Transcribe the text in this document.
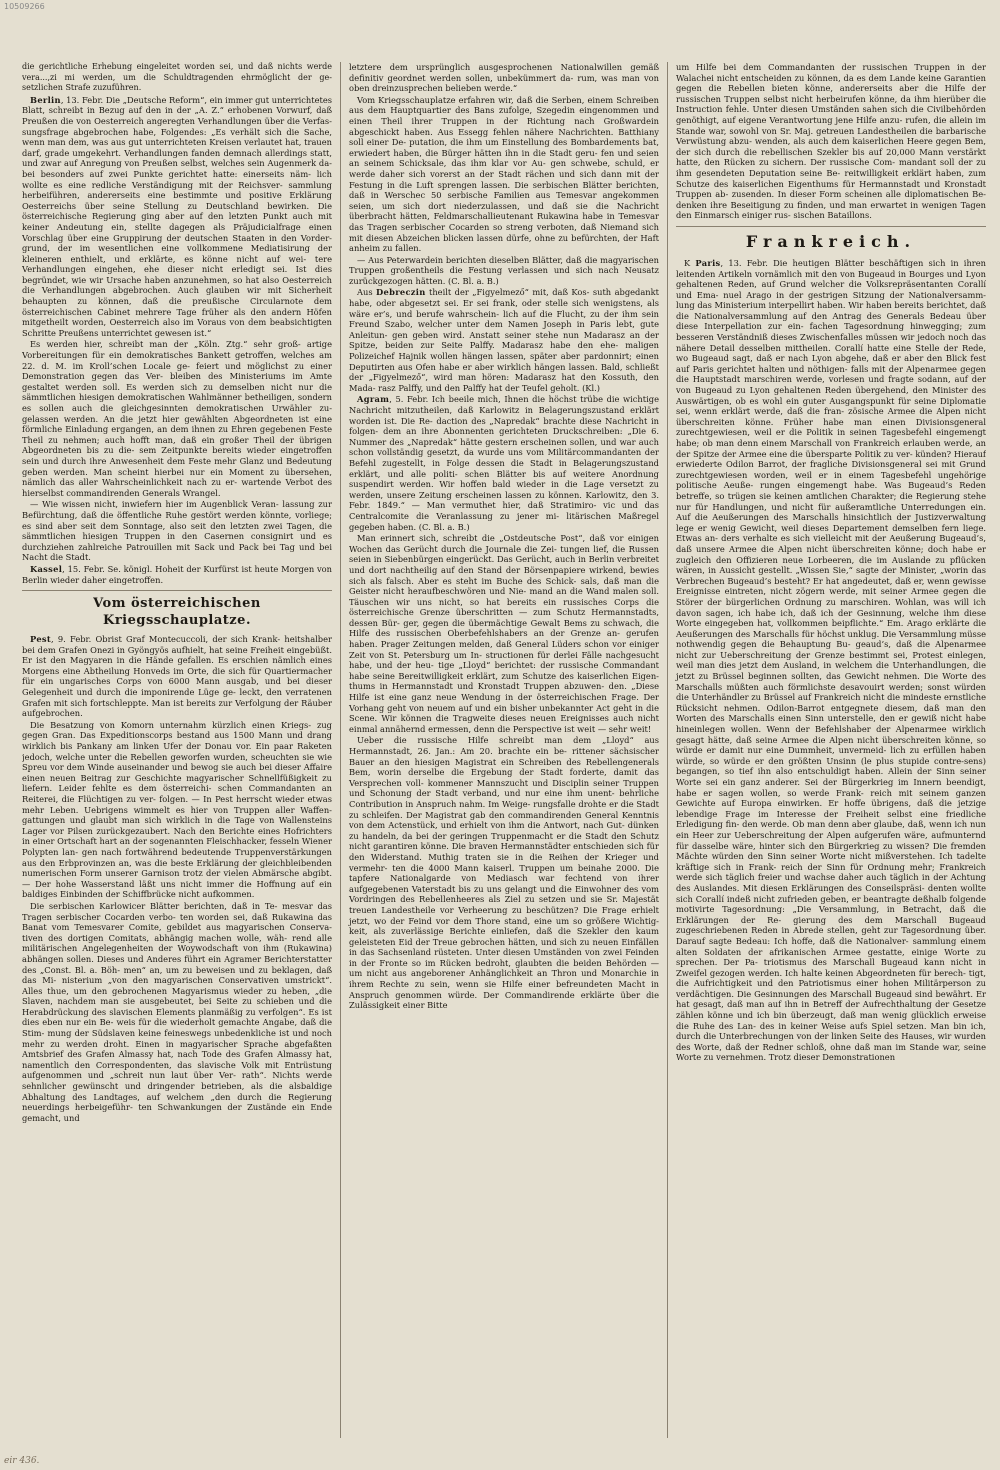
10509266

die gerichtliche Erhebung eingeleitet worden sei, und daß nichts werde vera...,zi mi werden, um die Schuldtragenden ehrmöglicht der ge- setzlichen Strafe zuzuführen.

Berlin, 13. Febr. Die „Deutsche Reform“, ein immer gut unterrichtetes Blatt, schreibt in Bezug auf den in der „A. Z.“ erhobenen Vorwurf, daß Preußen die von Oesterreich angeregten Verhandlungen über die Verfas- sungsfrage abgebrochen habe, Folgendes: „Es verhält sich die Sache, wenn man dem, was aus gut unterrichteten Kreisen verlautet hat, trauen darf, grade umgekehrt. Verhandlungen fanden demnach allerdings statt, und zwar auf Anregung von Preußen selbst, welches sein Augenmerk da- bei besonders auf zwei Punkte gerichtet hatte: einerseits näm- lich wollte es eine redliche Verständigung mit der Reichsver- sammlung herbeiführen, andererseits eine bestimmte und positive Erklärung Oesterreichs über seine Stellung zu Deutschland bewirken. Die österreichische Regierung ging aber auf den letzten Punkt auch mit keiner Andeutung ein, stellte dagegen als Präjudicialfrage einen Vorschlag über eine Gruppirung der deutschen Staaten in den Vorder- grund, der im wesentlichen eine vollkommene Mediatisirung der kleineren enthielt, und erklärte, es könne nicht auf wei- tere Verhandlungen eingehen, ehe dieser nicht erledigt sei. Ist dies begründet, wie wir Ursache haben anzunehmen, so hat also Oesterreich die Verhandlungen abgebrochen. Auch glauben wir mit Sicherheit behaupten zu können, daß die preußische Circularnote dem österreichischen Cabinet mehrere Tage früher als den andern Höfen mitgetheilt worden, Oesterreich also im Voraus von dem beabsichtigten Schritte Preußens unterrichtet gewesen ist.“

Es werden hier, schreibt man der „Köln. Ztg.“ sehr groß- artige Vorbereitungen für ein demokratisches Bankett getroffen, welches am 22. d. M. im Kroll’schen Locale ge- feiert und möglichst zu einer Demonstration gegen das Ver- bleiben des Ministeriums im Amte gestaltet werden soll. Es werden sich zu demselben nicht nur die sämmtlichen hiesigen demokratischen Wahlmänner betheiligen, sondern es sollen auch die gleichgesinnten demokratischen Urwähler zu- gelassen werden. An die jetzt hier gewählten Abgeordneten ist eine förmliche Einladung ergangen, an dem ihnen zu Ehren gegebenen Feste Theil zu nehmen; auch hofft man, daß ein großer Theil der übrigen Abgeordneten bis zu die- sem Zeitpunkte bereits wieder eingetroffen sein und durch ihre Anwesenheit dem Feste mehr Glanz und Bedeutung geben werden. Man scheint hierbei nur ein Moment zu übersehen, nämlich das aller Wahrscheinlichkeit nach zu er- wartende Verbot des hierselbst commandirenden Generals Wrangel.

— Wie wissen nicht, inwiefern hier im Augenblick Veran- lassung zur Befürchtung, daß die öffentliche Ruhe gestört werden könnte, vorliege; es sind aber seit dem Sonntage, also seit den letzten zwei Tagen, die sämmtlichen hiesigen Truppen in den Casernen consignirt und es durchziehen zahlreiche Patrouillen mit Sack und Pack bei Tag und bei Nacht die Stadt.

Kassel, 15. Febr. Se. königl. Hoheit der Kurfürst ist heute Morgen von Berlin wieder daher eingetroffen.

Vom österreichischen Kriegsschauplatze.

Pest, 9. Febr. Obrist Graf Montecuccoli, der sich Krank- heitshalber bei dem Grafen Onezi in Gyöngyös aufhielt, hat seine Freiheit eingebüßt. Er ist den Magyaren in die Hände gefallen. Es erschien nämlich eines Morgens eine Abtheilung Honveds im Orte, die sich für Quartiermacher für ein ungarisches Corps von 6000 Mann ausgab, und bei dieser Gelegenheit und durch die imponirende Lüge ge- leckt, den verratenen Grafen mit sich fortschleppte. Man ist bereits zur Verfolgung der Räuber aufgebrochen.

Die Besatzung von Komorn unternahm kürzlich einen Kriegs- zug gegen Gran. Das Expeditionscorps bestand aus 1500 Mann und drang wirklich bis Pankany am linken Ufer der Donau vor. Ein paar Raketen jedoch, welche unter die Rebellen geworfen wurden, scheuchten sie wie Spreu vor dem Winde auseinander und bewog sie auch bei dieser Affaire einen neuen Beitrag zur Geschichte magyarischer Schnellfüßigkeit zu liefern. Leider fehlte es dem österreichi- schen Commandanten an Reiterei, die Flüchtigen zu ver- folgen. — In Pest herrscht wieder etwas mehr Leben. Uebrigens wimmelt es hier von Truppen aller Waffen- gattungen und glaubt man sich wirklich in die Tage von Wallensteins Lager vor Pilsen zurückgezaubert. Nach den Berichte eines Hofrichters in einer Ortschaft hart an der sogenannten Fleischhacker, fesseln Wiener Polypten lan- gen nach fortwährend bedeutende Truppenverstärkungen aus den Erbprovinzen an, was die beste Erklärung der gleichbleibenden numerischen Form unserer Garnison trotz der vielen Abmärsche abgibt. — Der hohe Wasserstand läßt uns nicht immer die Hoffnung auf ein baldiges Einbinden der Schiffbrücke nicht aufkommen.

Die serbischen Karlowicer Blätter berichten, daß in Te- mesvar das Tragen serbischer Cocarden verbo- ten worden sei, daß Rukawina das Banat vom Temesvarer Comite, gebildet aus magyarischen Conserva- tiven des dortigen Comitats, abhängig machen wolle, wäh- rend alle militärischen Angelegenheiten der Woywodschaft von ihm (Rukawina) abhängen sollen. Dieses und Anderes führt ein Agramer Berichterstatter des „Const. Bl. a. Böh- men“ an, um zu beweisen und zu beklagen, daß das Mi- nisterium „von den magyarischen Conservativen umstrickt“. Alles thue, um den gebrochenen Magyarismus wieder zu heben, „die Slaven, nachdem man sie ausgebeutet, bei Seite zu schieben und die Herabdrückung des slavischen Elements planmäßig zu verfolgen“. Es ist dies eben nur ein Be- weis für die wiederholt gemachte Angabe, daß die Stim- mung der Südslaven keine feineswegs unbedenkliche ist und noch mehr zu werden droht. Einen in magyarischer Sprache abgefaßten Amtsbrief des Grafen Almassy hat, nach Tode des Grafen Almassy hat, namentlich den Correspondenten, das slavische Volk mit Entrüstung aufgenommen und „schreit nun laut über Ver- rath“. Nichts werde sehnlicher gewünscht und dringender betrieben, als die alsbaldige Abhaltung des Landtages, auf welchem „den durch die Regierung neuerdings herbeigeführ- ten Schwankungen der Zustände ein Ende gemacht, und

letztere dem ursprünglich ausgesprochenen Nationalwillen gemäß definitiv geordnet werden sollen, unbekümmert da- rum, was man von oben dreinzusprechen belieben werde.“

Vom Kriegsschauplatze erfahren wir, daß die Serben, einem Schreiben aus dem Hauptquartier des Bans zufolge, Szegedin eingenommen und einen Theil ihrer Truppen in der Richtung nach Großwardein abgeschickt haben. Aus Essegg fehlen nähere Nachrichten. Batthiany soll einer De- putation, die ihm um Einstellung des Bombardements bat, erwiedert haben, die Bürger hätten ihn in die Stadt geru- fen und seien an seinem Schicksale, das ihm klar vor Au- gen schwebe, schuld, er werde daher sich vorerst an der Stadt rächen und sich dann mit der Festung in die Luft sprengen lassen. Die serbischen Blätter berichten, daß in Werschec 50 serbische Familien aus Temesvar angekommen seien, um sich dort niederzulassen, und daß sie die Nachricht überbracht hätten, Feldmarschallieutenant Rukawina habe in Temesvar das Tragen serbischer Cocarden so streng verboten, daß Niemand sich mit diesen Abzeichen blicken lassen dürfe, ohne zu befürchten, der Haft anheim zu fallen.

— Aus Peterwardein berichten dieselben Blätter, daß die magyarischen Truppen großentheils die Festung verlassen und sich nach Neusatz zurückgezogen hätten. (C. Bl. a. B.)

Aus Debreczin theilt der „Figyelmező“ mit, daß Kos- suth abgedankt habe, oder abgesetzt sei. Er sei frank, oder stelle sich wenigstens, als wäre er’s, und berufe wahrschein- lich auf die Flucht, zu der ihm sein Freund Szabo, welcher unter dem Namen Joseph in Paris lebt, gute Anleitun- gen geben wird. Anstatt seiner stehe nun Madarasz an der Spitze, beiden zur Seite Palffy. Madarasz habe den ehe- maligen Polizeichef Hajnik wollen hängen lassen, später aber pardonnirt; einen Deputirten aus Ofen habe er aber wirklich hängen lassen. Bald, schließt der „Figyelmező“, wird man hören: Madarasz hat den Kossuth, den Mada- rasz Palffy, und den Palffy hat der Teufel geholt. (Kl.)

Agram, 5. Febr. Ich beeile mich, Ihnen die höchst trübe die wichtige Nachricht mitzutheilen, daß Karlowitz in Belagerungszustand erklärt worden ist. Die Re- daction des „Napredak“ brachte diese Nachricht in folgen- dem an ihre Abonnenten gerichteten Druckschreiben: „Die 6. Nummer des „Napredak“ hätte gestern erscheinen sollen, und war auch schon vollständig gesetzt, da wurde uns vom Militärcommandanten der Befehl zugestellt, in Folge dessen die Stadt in Belagerungszustand erklärt, und alle politi- schen Blätter bis auf weitere Anordnung suspendirt werden. Wir hoffen bald wieder in die Lage versetzt zu werden, unsere Zeitung erscheinen lassen zu können. Karlowitz, den 3. Febr. 1849.“ — Man vermuthet hier, daß Stratimiro- vic und das Centralcomite die Veranlassung zu jener mi- litärischen Maßregel gegeben haben. (C. Bl. a. B.)

Man erinnert sich, schreibt die „Ostdeutsche Post“, daß vor einigen Wochen das Gerücht durch die Journale die Zei- tungen lief, die Russen seien in Siebenbürgen eingerückt. Das Gerücht, auch in Berlin verbreitet und dort nachtheilig auf den Stand der Börsenpapiere wirkend, bewies sich als falsch. Aber es steht im Buche des Schick- sals, daß man die Geister nicht heraufbeschwören und Nie- mand an die Wand malen soll. Täuschen wir uns nicht, so hat bereits ein russisches Corps die österreichische Grenze überschritten — zum Schutz Hermannstadts, dessen Bür- ger, gegen die übermächtige Gewalt Bems zu schwach, die Hilfe des russischen Oberbefehlshabers an der Grenze an- gerufen haben. Prager Zeitungen melden, daß General Lüders schon vor einiger Zeit von St. Petersburg um In- structionen für derlei Fälle nachgesucht habe, und der heu- tige „Lloyd“ berichtet: der russische Commandant habe seine Bereitwilligkeit erklärt, zum Schutze des kaiserlichen Eigen- thums in Hermannstadt und Kronstadt Truppen abzuwen- den. „Diese Hilfe ist eine ganz neue Wendung in der österreichischen Frage. Der Vorhang geht von neuem auf und ein bisher unbekannter Act geht in die Scene. Wir können die Tragweite dieses neuen Ereignisses auch nicht einmal annähernd ermessen, denn die Perspective ist weit — sehr weit!

Ueber die russische Hilfe schreibt man dem „Lloyd“ aus Hermannstadt, 26. Jan.: Am 20. brachte ein be- rittener sächsischer Bauer an den hiesigen Magistrat ein Schreiben des Rebellengenerals Bem, worin derselbe die Ergebung der Stadt forderte, damit das Versprechen voll- kommener Mannszucht und Disciplin seiner Truppen und Schonung der Stadt verband, und nur eine ihm unent- behrliche Contribution in Anspruch nahm. Im Weige- rungsfalle drohte er die Stadt zu schleifen. Der Magistrat gab den commandirenden General Kenntnis von dem Actenstück, und erhielt von ihm die Antwort, nach Gut- dünken zu handeln, da bei der geringen Truppenmacht er die Stadt den Schutz nicht garantiren könne. Die braven Hermannstädter entschieden sich für den Widerstand. Muthig traten sie in die Reihen der Krieger und vermehr- ten die 4000 Mann kaiserl. Truppen um beinahe 2000. Die tapfere Nationalgarde von Mediasch war fechtend von ihrer aufgegebenen Vaterstadt bis zu uns gelangt und die Einwohner des vom Vordringen des Rebellenheeres als Ziel zu setzen und sie Sr. Majestät treuen Landestheile vor Verheerung zu beschützen? Die Frage erhielt jetzt, wo der Feind vor dem Thore stand, eine um so größere Wichtig- keit, als zuverlässige Berichte einliefen, daß die Szekler den kaum geleisteten Eid der Treue gebrochen hätten, und sich zu neuen Einfällen in das Sachsenland rüsteten. Unter diesen Umständen von zwei Feinden in der Fronte so im Rücken bedroht, glaubten die beiden Behörden — um nicht aus angeborener Anhänglichkeit an Thron und Monarchie in ihrem Rechte zu sein, wenn sie Hilfe einer befreundeten Macht in Anspruch genommen würde. Der Commandirende erklärte über die Zulässigkeit einer Bitte

um Hilfe bei dem Commandanten der russischen Truppen in der Walachei nicht entscheiden zu können, da es dem Lande keine Garantien gegen die Rebellen bieten könne, andererseits aber die Hilfe der russischen Truppen selbst nicht herbeirufen könne, da ihm hierüber die Instruction fehle. Unter diesen Umständen sahen sich die Civilbehörden genöthigt, auf eigene Verantwortung jene Hilfe anzu- rufen, die allein im Stande war, sowohl von Sr. Maj. getreuen Landestheilen die barbarische Verwüstung abzu- wenden, als auch dem kaiserlichen Heere gegen Bem, der sich durch die rebellischen Szekler bis auf 20,000 Mann verstärkt hatte, den Rücken zu sichern. Der russische Com- mandant soll der zu ihm gesendeten Deputation seine Be- reitwilligkeit erklärt haben, zum Schutze des kaiserlichen Eigenthums für Hermannstadt und Kronstadt Truppen ab- zusenden. In dieser Form scheinen alle diplomatischen Be- denken ihre Beseitigung zu finden, und man erwartet in wenigen Tagen den Einmarsch einiger rus- sischen Bataillons.

Frankreich.

K Paris, 13. Febr. Die heutigen Blätter beschäftigen sich in ihren leitenden Artikeln vornämlich mit den von Bugeaud in Bourges und Lyon gehaltenen Reden, auf Grund welcher die Volksrepräsentanten Corallí und Ema- nuel Arago in der gestrigen Sitzung der Nationalversamm- lung das Ministerium interpellirt haben. Wir haben bereits berichtet, daß die Nationalversammlung auf den Antrag des Generals Bedeau über diese Interpellation zur ein- fachen Tagesordnung hinwegging; zum besseren Verständniß dieses Zwischenfalles müssen wir jedoch noch das nähere Detail desselben mittheilen. Corallí hatte eine Stelle der Rede, wo Bugeaud sagt, daß er nach Lyon abgehe, daß er aber den Blick fest auf Paris gerichtet halten und nöthigen- falls mit der Alpenarmee gegen die Hauptstadt marschiren werde, vorlesen und fragte sodann, auf der von Bugeaud zu Lyon gehaltenen Reden übergehend, den Minister des Auswärtigen, ob es wohl ein guter Ausgangspunkt für seine Diplomatie sei, wenn erklärt werde, daß die fran- zösische Armee die Alpen nicht überschreiten könne. Früher habe man einen Divisionsgeneral zurechtgewiesen, weil er die Politik in seinen Tagesbefehl eingemengt habe; ob man denn einem Marschall von Frankreich erlauben werde, an der Spitze der Armee eine die übersparte Politik zu ver- künden? Hierauf erwiederte Odilon Barrot, der fragliche Divisionsgeneral sei mit Grund zurechtgewiesen worden, weil er in einem Tagesbefehl ungehörige politische Aeuße- rungen eingemengt habe. Was Bugeaud’s Reden betreffe, so trügen sie keinen amtlichen Charakter; die Regierung stehe nur für Handlungen, und nicht für außeramtliche Unterredungen ein. Auf die Aeußerungen des Marschalls hinsichtlich der Justizverwaltung lege er wenig Gewicht, weil dieses Departement demselben fern liege. Etwas an- ders verhalte es sich vielleicht mit der Aeußerung Bugeaud’s, daß unsere Armee die Alpen nicht überschreiten könne; doch habe er zugleich den Offizieren neue Lorbeeren, die im Auslande zu pflücken wären, in Aussicht gestellt. „Wissen Sie,“ sagte der Minister, „worin das Verbrechen Bugeaud’s besteht? Er hat angedeutet, daß er, wenn gewisse Ereignisse eintreten, nicht zögern werde, mit seiner Armee gegen die Störer der bürgerlichen Ordnung zu marschiren. Wohlan, was will ich davon sagen, ich habe ich, daß ich der Gesinnung, welche ihm diese Worte eingegeben hat, vollkommen beipflichte.“ Em. Arago erklärte die Aeußerungen des Marschalls für höchst unklug. Die Versammlung müsse nothwendig gegen die Behauptung Bu- geaud’s, daß die Alpenarmee nicht zur Ueberschreitung der Grenze bestimmt sei, Protest einlegen, weil man dies jetzt dem Ausland, in welchem die Unterhandlungen, die jetzt zu Brüssel beginnen sollten, das Gewicht nehmen. Die Worte des Marschalls müßten auch förmlichste desavouirt werden; sonst würden die Unterhändler zu Brüssel auf Frankreich nicht die mindeste ernstliche Rücksicht nehmen. Odilon-Barrot entgegnete diesem, daß man den Worten des Marschalls einen Sinn unterstelle, den er gewiß nicht habe hineinlegen wollen. Wenn der Befehlshaber der Alpenarmee wirklich gesagt hätte, daß seine Armee die Alpen nicht überschreiten könne, so würde er damit nur eine Dummheit, unvermeid- lich zu erfüllen haben würde, so würde er den größten Unsinn (le plus stupide contre-sens) begangen, so tief ihn also entschuldigt haben. Allein der Sinn seiner Worte sei ein ganz anderer. Sei der Bürgerkrieg im Innern beendigt, habe er sagen wollen, so werde Frank- reich mit seinem ganzen Gewichte auf Europa einwirken. Er hoffe übrigens, daß die jetzige lebendige Frage im Interesse der Freiheit selbst eine friedliche Erledigung fin- den werde. Ob man denn aber glaube, daß, wenn ich nun ein Heer zur Ueberschreitung der Alpen aufgerufen wäre, aufmunternd für dasselbe wäre, hinter sich den Bürgerkrieg zu wissen? Die fremden Mächte würden den Sinn seiner Worte nicht mißverstehen. Ich tadelte kräftige sich in Frank- reich der Sinn für Ordnung mehr; Frankreich werde sich täglich freier und wachse daher auch täglich in der Achtung des Auslandes. Mit diesen Erklärungen des Conseilspräsi- denten wollte sich Corallí indeß nicht zufrieden geben, er beantragte deßhalb folgende motivirte Tagesordnung: „Die Versammlung, in Betracht, daß die Erklärungen der Re- gierung des dem Marschall Bugeaud zugeschriebenen Reden in Abrede stellen, geht zur Tagesordnung über. Darauf sagte Bedeau: Ich hoffe, daß die Nationalver- sammlung einem alten Soldaten der afrikanischen Armee gestatte, einige Worte zu sprechen. Der Pa- triotismus des Marschall Bugeaud kann nicht in Zweifel gezogen werden. Ich halte keinen Abgeordneten für berech- tigt, die Aufrichtigkeit und den Patriotismus einer hohen Militärperson zu verdächtigen. Die Gesinnungen des Marschall Bugeaud sind bewährt. Er hat gesagt, daß man auf ihn in Betreff der Aufrechthaltung der Gesetze zählen könne und ich bin überzeugt, daß man wenig glücklich erweise die Ruhe des Lan- des in keiner Weise aufs Spiel setzen. Man bin ich, durch die Unterbrechungen von der linken Seite des Hauses, wir wurden des Worte, daß der Redner schloß, ohne daß man im Stande war, seine Worte zu vernehmen. Trotz dieser Demonstrationen

eir 436.
